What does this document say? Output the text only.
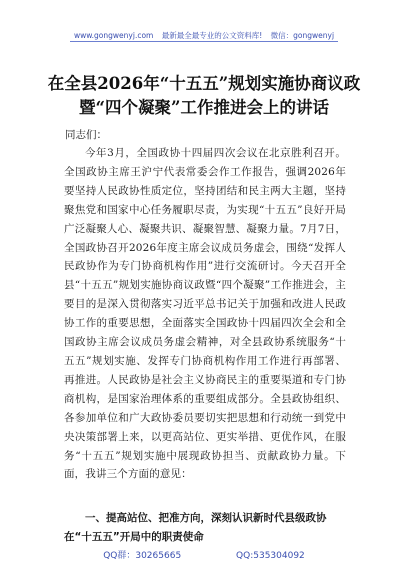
www.gongwenyj.com 最新最全最专业的公文资料库! 微信：gongwenyj
在全县2026年“十五五”规划实施协商议政暨“四个凝聚”工作推进会上的讲话
同志们：
今年3月，全国政协十四届四次会议在北京胜利召开。全国政协主席王沪宁代表常委会作工作报告，强调2026年要坚持人民政协性质定位，坚持团结和民主两大主题，坚持聚焦党和国家中心任务履职尽责，为实现“十五五”良好开局广泛凝聚人心、凝聚共识、凝聚智慧、凝聚力量。7月7日，全国政协召开2026年度主席会议成员务虚会，围绕“发挥人民政协作为专门协商机构作用”进行交流研讨。今天召开全县“十五五”规划实施协商议政暨“四个凝聚”工作推进会，主要目的是深入贯彻落实习近平总书记关于加强和改进人民政协工作的重要思想，全面落实全国政协十四届四次全会和全国政协主席会议成员务虚会精神，对全县政协系统服务“十五五”规划实施、发挥专门协商机构作用工作进行再部署、再推进。人民政协是社会主义协商民主的重要渠道和专门协商机构，是国家治理体系的重要组成部分。全县政协组织、各参加单位和广大政协委员要切实把思想和行动统一到党中央决策部署上来，以更高站位、更实举措、更优作风，在服务“十五五”规划实施中展现政协担当、贡献政协力量。下面，我讲三个方面的意见：
一、提高站位、把准方向，深刻认识新时代县级政协在“十五五”开局中的职责使命
QQ群：30265665	QQ:535304092
